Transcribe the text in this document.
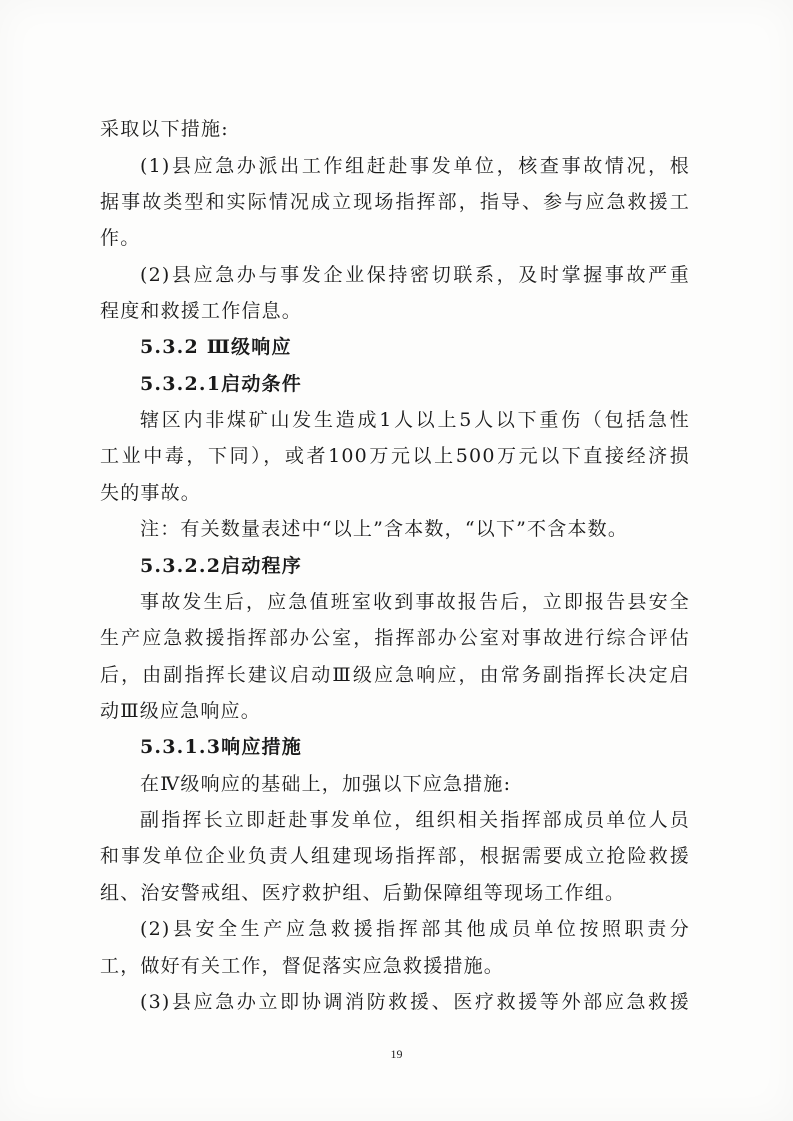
采取以下措施:
(1)县应急办派出工作组赶赴事发单位，核查事故情况，根
据事故类型和实际情况成立现场指挥部，指导、参与应急救援工
作。
(2)县应急办与事发企业保持密切联系，及时掌握事故严重
程度和救援工作信息。
5.3.2 Ⅲ级响应
5.3.2.1启动条件
辖区内非煤矿山发生造成1人以上5人以下重伤（包括急性
工业中毒，下同），或者100万元以上500万元以下直接经济损
失的事故。
注：有关数量表述中“以上”含本数，“以下”不含本数。
5.3.2.2启动程序
事故发生后，应急值班室收到事故报告后，立即报告县安全
生产应急救援指挥部办公室，指挥部办公室对事故进行综合评估
后，由副指挥长建议启动Ⅲ级应急响应，由常务副指挥长决定启
动Ⅲ级应急响应。
5.3.1.3响应措施
在Ⅳ级响应的基础上，加强以下应急措施:
副指挥长立即赶赴事发单位，组织相关指挥部成员单位人员
和事发单位企业负责人组建现场指挥部，根据需要成立抢险救援
组、治安警戒组、医疗救护组、后勤保障组等现场工作组。
(2)县安全生产应急救援指挥部其他成员单位按照职责分
工，做好有关工作，督促落实应急救援措施。
(3)县应急办立即协调消防救援、医疗救援等外部应急救援
19
